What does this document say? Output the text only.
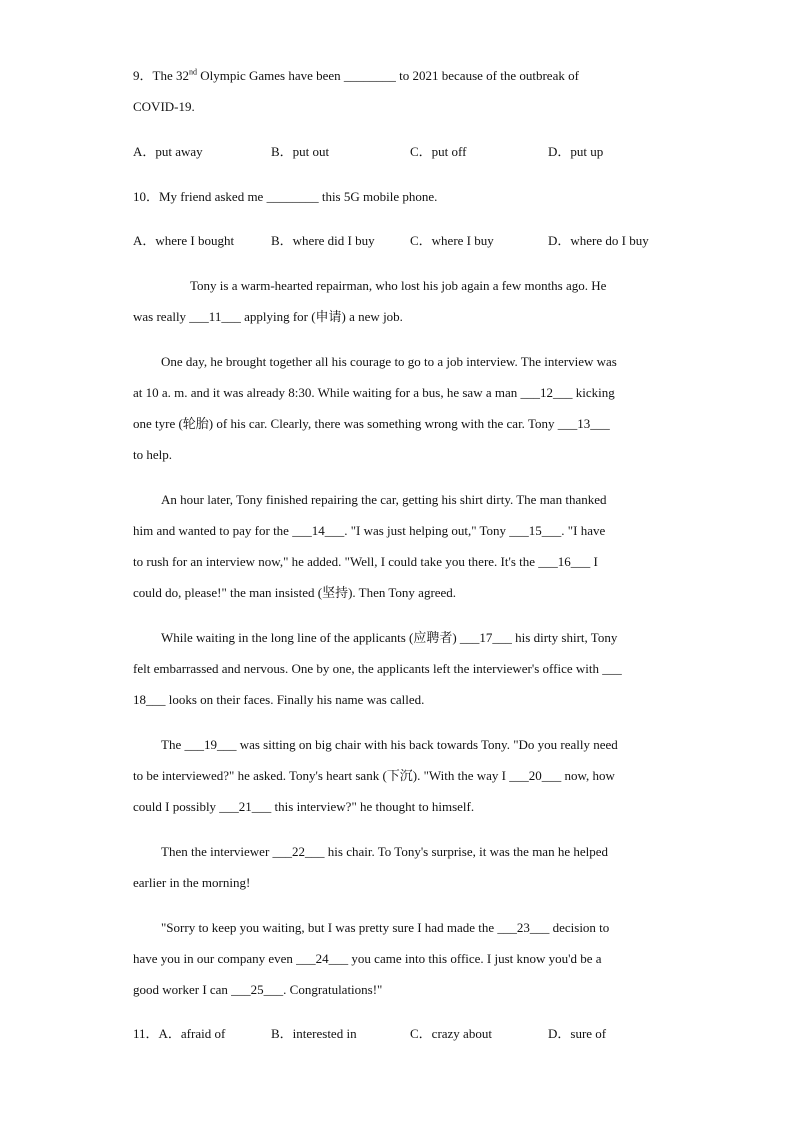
9．The 32nd Olympic Games have been ________ to 2021 because of the outbreak of
COVID-19.
A．put away	B．put out	C．put off	D．put up
10．My friend asked me ________ this 5G mobile phone.
A．where I bought	B．where did I buy	C．where I buy	D．where do I buy
Tony is a warm-hearted repairman, who lost his job again a few months ago. He
was really ___11___ applying for (申请) a new job.
One day, he brought together all his courage to go to a job interview. The interview was
at 10 a. m. and it was already 8:30. While waiting for a bus, he saw a man ___12___ kicking
one tyre (轮胎) of his car. Clearly, there was something wrong with the car. Tony ___13___
to help.
An hour later, Tony finished repairing the car, getting his shirt dirty. The man thanked
him and wanted to pay for the ___14___. "I was just helping out," Tony ___15___. "I have
to rush for an interview now," he added. "Well, I could take you there. It's the ___16___ I
could do, please!" the man insisted (坚持). Then Tony agreed.
While waiting in the long line of the applicants (应聘者) ___17___ his dirty shirt, Tony
felt embarrassed and nervous. One by one, the applicants left the interviewer's office with ___
18___ looks on their faces. Finally his name was called.
The ___19___ was sitting on big chair with his back towards Tony. "Do you really need
to be interviewed?" he asked. Tony's heart sank (下沉). "With the way I ___20___ now, how
could I possibly ___21___ this interview?" he thought to himself.
Then the interviewer ___22___ his chair. To Tony's surprise, it was the man he helped
earlier in the morning!
"Sorry to keep you waiting, but I was pretty sure I had made the ___23___ decision to
have you in our company even ___24___ you came into this office. I just know you'd be a
good worker I can ___25___. Congratulations!"
11．A．afraid of	B．interested in	C．crazy about	D．sure of
